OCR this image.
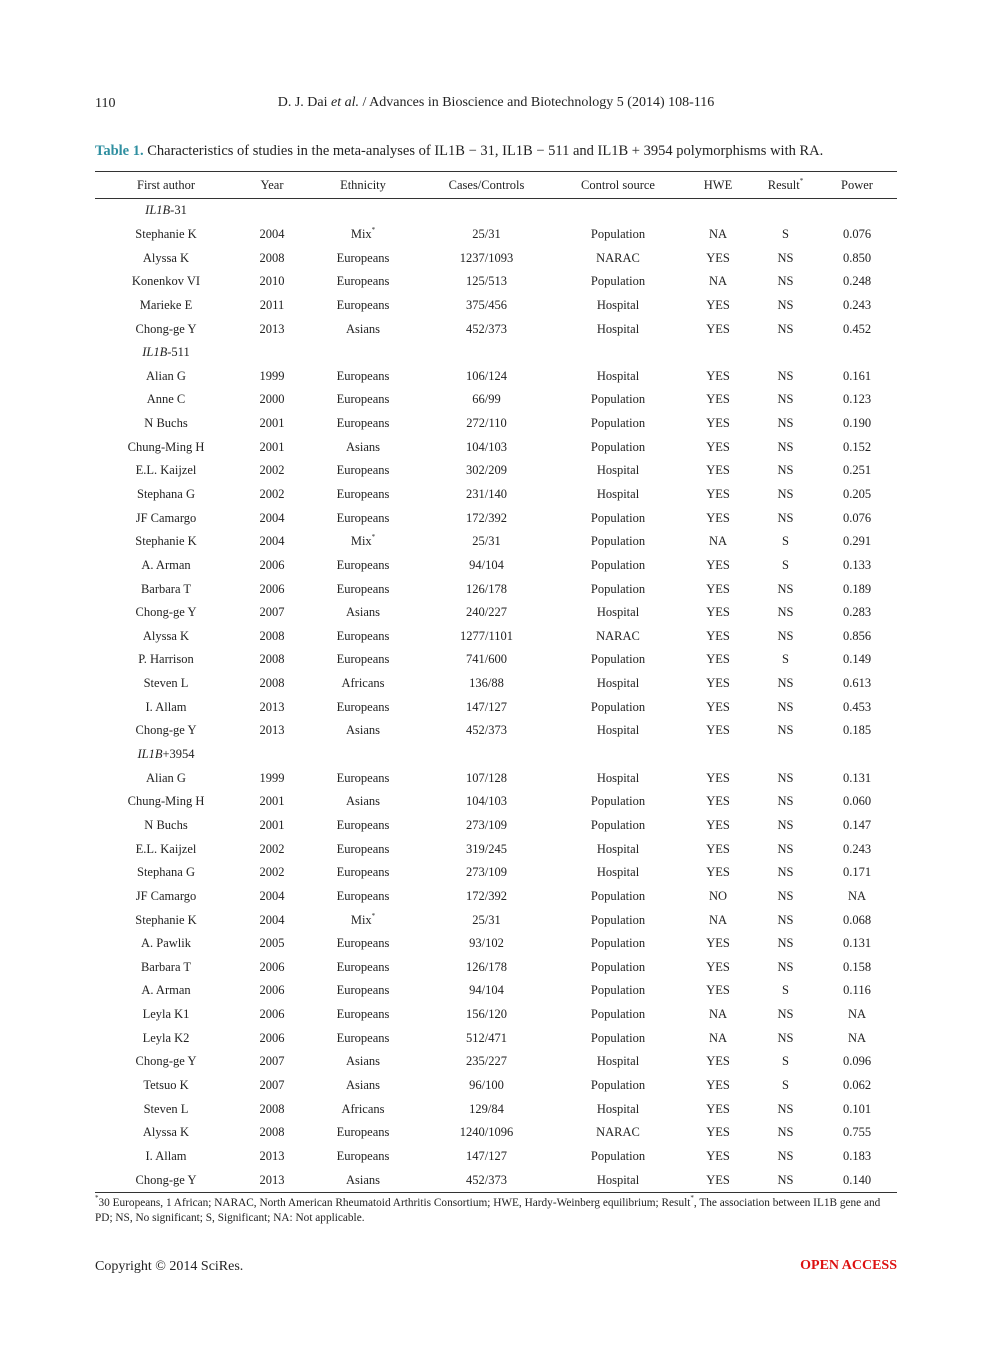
110	D. J. Dai et al. / Advances in Bioscience and Biotechnology 5 (2014) 108-116
Table 1. Characteristics of studies in the meta-analyses of IL1B − 31, IL1B − 511 and IL1B + 3954 polymorphisms with RA.
First author	Year	Ethnicity	Cases/Controls	Control source	HWE	Result*	Power
IL1B-31							
Stephanie K	2004	Mix*	25/31	Population	NA	S	0.076
Alyssa K	2008	Europeans	1237/1093	NARAC	YES	NS	0.850
Konenkov VI	2010	Europeans	125/513	Population	NA	NS	0.248
Marieke E	2011	Europeans	375/456	Hospital	YES	NS	0.243
Chong-ge Y	2013	Asians	452/373	Hospital	YES	NS	0.452
IL1B-511							
Alian G	1999	Europeans	106/124	Hospital	YES	NS	0.161
Anne C	2000	Europeans	66/99	Population	YES	NS	0.123
N Buchs	2001	Europeans	272/110	Population	YES	NS	0.190
Chung-Ming H	2001	Asians	104/103	Population	YES	NS	0.152
E.L. Kaijzel	2002	Europeans	302/209	Hospital	YES	NS	0.251
Stephana G	2002	Europeans	231/140	Hospital	YES	NS	0.205
JF Camargo	2004	Europeans	172/392	Population	YES	NS	0.076
Stephanie K	2004	Mix*	25/31	Population	NA	S	0.291
A. Arman	2006	Europeans	94/104	Population	YES	S	0.133
Barbara T	2006	Europeans	126/178	Population	YES	NS	0.189
Chong-ge Y	2007	Asians	240/227	Hospital	YES	NS	0.283
Alyssa K	2008	Europeans	1277/1101	NARAC	YES	NS	0.856
P. Harrison	2008	Europeans	741/600	Population	YES	S	0.149
Steven L	2008	Africans	136/88	Hospital	YES	NS	0.613
I. Allam	2013	Europeans	147/127	Population	YES	NS	0.453
Chong-ge Y	2013	Asians	452/373	Hospital	YES	NS	0.185
IL1B+3954							
Alian G	1999	Europeans	107/128	Hospital	YES	NS	0.131
Chung-Ming H	2001	Asians	104/103	Population	YES	NS	0.060
N Buchs	2001	Europeans	273/109	Population	YES	NS	0.147
E.L. Kaijzel	2002	Europeans	319/245	Hospital	YES	NS	0.243
Stephana G	2002	Europeans	273/109	Hospital	YES	NS	0.171
JF Camargo	2004	Europeans	172/392	Population	NO	NS	NA
Stephanie K	2004	Mix*	25/31	Population	NA	NS	0.068
A. Pawlik	2005	Europeans	93/102	Population	YES	NS	0.131
Barbara T	2006	Europeans	126/178	Population	YES	NS	0.158
A. Arman	2006	Europeans	94/104	Population	YES	S	0.116
Leyla K1	2006	Europeans	156/120	Population	NA	NS	NA
Leyla K2	2006	Europeans	512/471	Population	NA	NS	NA
Chong-ge Y	2007	Asians	235/227	Hospital	YES	S	0.096
Tetsuo K	2007	Asians	96/100	Population	YES	S	0.062
Steven L	2008	Africans	129/84	Hospital	YES	NS	0.101
Alyssa K	2008	Europeans	1240/1096	NARAC	YES	NS	0.755
I. Allam	2013	Europeans	147/127	Population	YES	NS	0.183
Chong-ge Y	2013	Asians	452/373	Hospital	YES	NS	0.140
*30 Europeans, 1 African; NARAC, North American Rheumatoid Arthritis Consortium; HWE, Hardy-Weinberg equilibrium; Result*, The association between IL1B gene and PD; NS, No significant; S, Significant; NA: Not applicable.
Copyright © 2014 SciRes.	OPEN ACCESS
